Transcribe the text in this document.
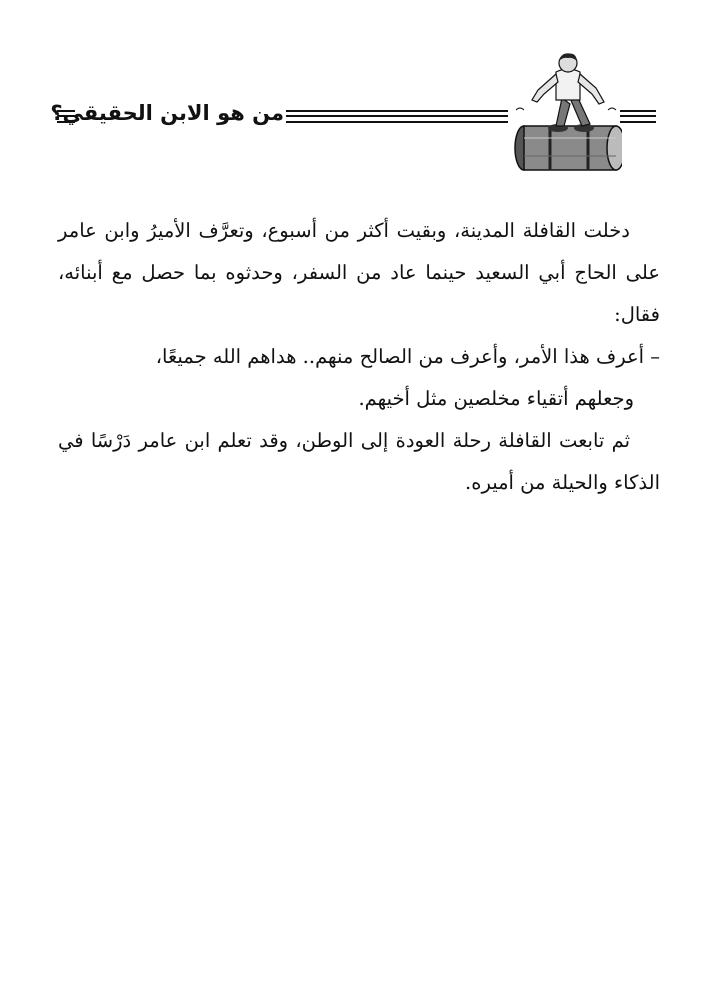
من هو الابن الحقيقي؟

دخلت القافلة المدينة، وبقيت أكثر من أسبوع، وتعرَّف الأميرُ وابن عامر على الحاج أبي السعيد حينما عاد من السفر، وحدثوه بما حصل مع أبنائه، فقال:

– أعرف هذا الأمر، وأعرف من الصالح منهم.. هداهم الله جميعًا،

وجعلهم أتقياء مخلصين مثل أخيهم.

ثم تابعت القافلة رحلة العودة إلى الوطن، وقد تعلم ابن عامر دَرْسًا في الذكاء والحيلة من أميره.
